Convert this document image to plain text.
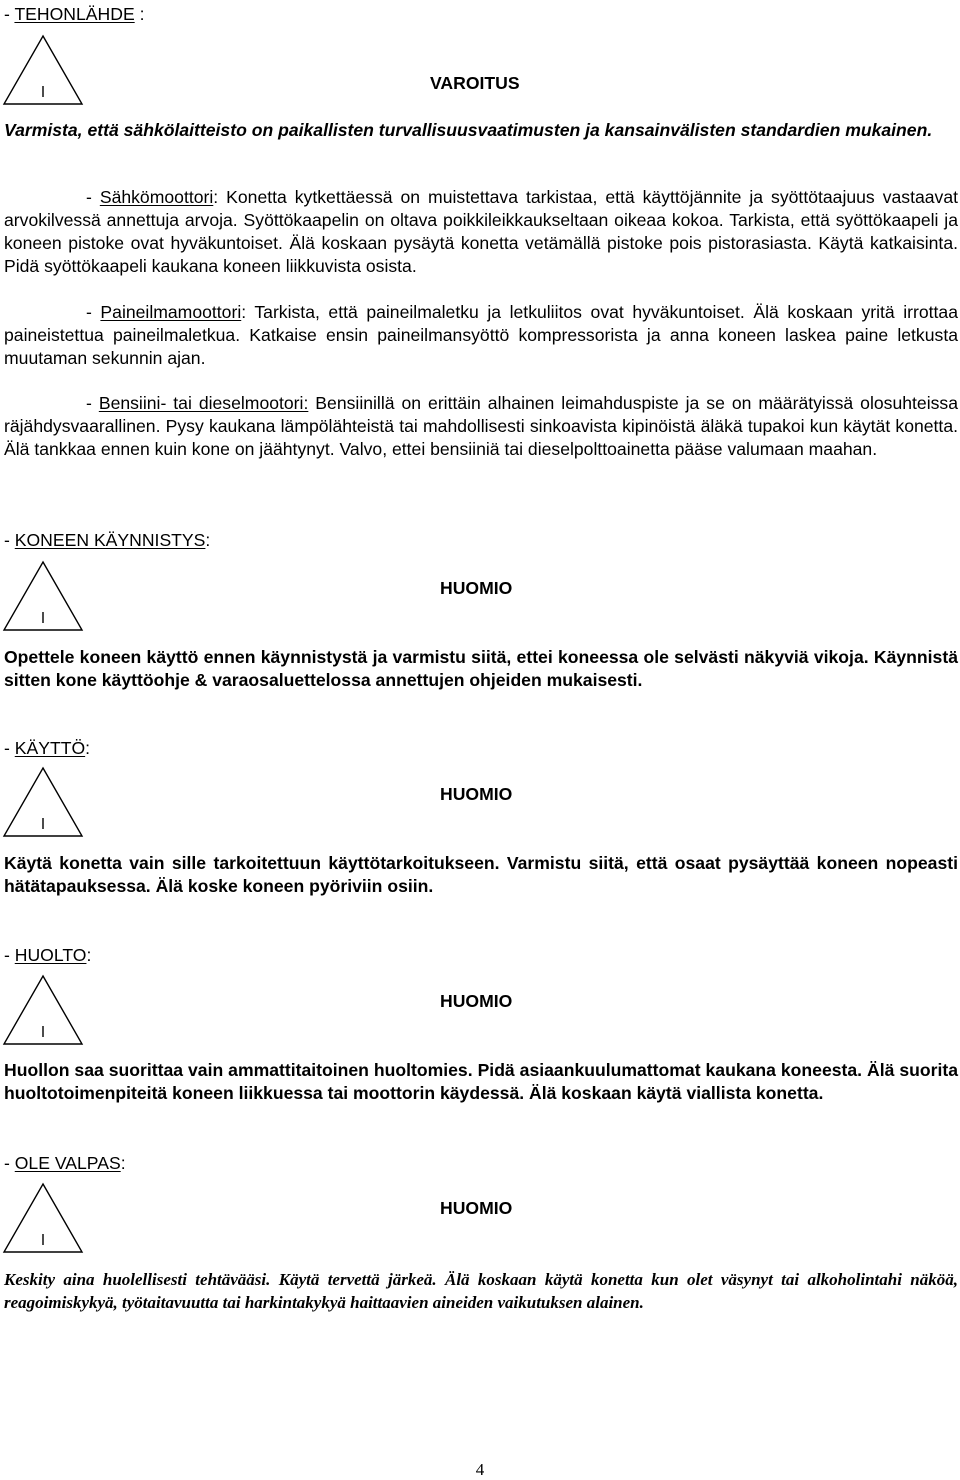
- TEHONLÄHDE :
VAROITUS
Varmista, että sähkölaitteisto on paikallisten turvallisuusvaatimusten ja kansainvälisten standardien mukainen.
- Sähkömoottori: Konetta kytkettäessä on muistettava tarkistaa, että käyttöjännite ja syöttötaajuus vastaavat arvokilvessä annettuja arvoja. Syöttökaapelin on oltava poikkileikkaukseltaan oikeaa kokoa. Tarkista, että syöttökaapeli ja koneen pistoke ovat hyväkuntoiset. Älä koskaan pysäytä konetta vetämällä pistoke pois pistorasiasta. Käytä katkaisinta. Pidä syöttökaapeli kaukana koneen liikkuvista osista.
- Paineilmamoottori: Tarkista, että paineilmaletku ja letkuliitos ovat hyväkuntoiset. Älä koskaan yritä irrottaa paineistettua paineilmaletkua. Katkaise ensin paineilmansyöttö kompressorista ja anna koneen laskea paine letkusta muutaman sekunnin ajan.
- Bensiini- tai dieselmootori: Bensiinillä on erittäin alhainen leimahduspiste ja se on määrätyissä olosuhteissa räjähdysvaarallinen. Pysy kaukana lämpölähteistä tai mahdollisesti sinkoavista kipinöistä äläkä tupakoi kun käytät konetta. Älä tankkaa ennen kuin kone on jäähtynyt. Valvo, ettei bensiiniä tai dieselpolttoainetta pääse valumaan maahan.
- KONEEN KÄYNNISTYS:
HUOMIO
Opettele koneen käyttö ennen käynnistystä ja varmistu siitä, ettei koneessa ole selvästi näkyviä vikoja. Käynnistä sitten kone käyttöohje & varaosaluettelossa annettujen ohjeiden mukaisesti.
- KÄYTTÖ:
HUOMIO
Käytä konetta vain sille tarkoitettuun käyttötarkoitukseen. Varmistu siitä, että osaat pysäyttää koneen nopeasti hätätapauksessa. Älä koske koneen pyöriviin osiin.
- HUOLTO:
HUOMIO
Huollon saa suorittaa vain ammattitaitoinen huoltomies. Pidä asiaankuulumattomat kaukana koneesta. Älä suorita huoltotoimenpiteitä koneen liikkuessa tai moottorin käydessä. Älä koskaan käytä viallista konetta.
- OLE VALPAS:
HUOMIO
Keskity aina huolellisesti tehtävääsi. Käytä tervettä järkeä. Älä koskaan käytä konetta kun olet väsynyt tai alkoholintahi näköä, reagoimiskykyä, työtaitavuutta tai harkintakykyä haittaavien aineiden vaikutuksen alainen.
4
